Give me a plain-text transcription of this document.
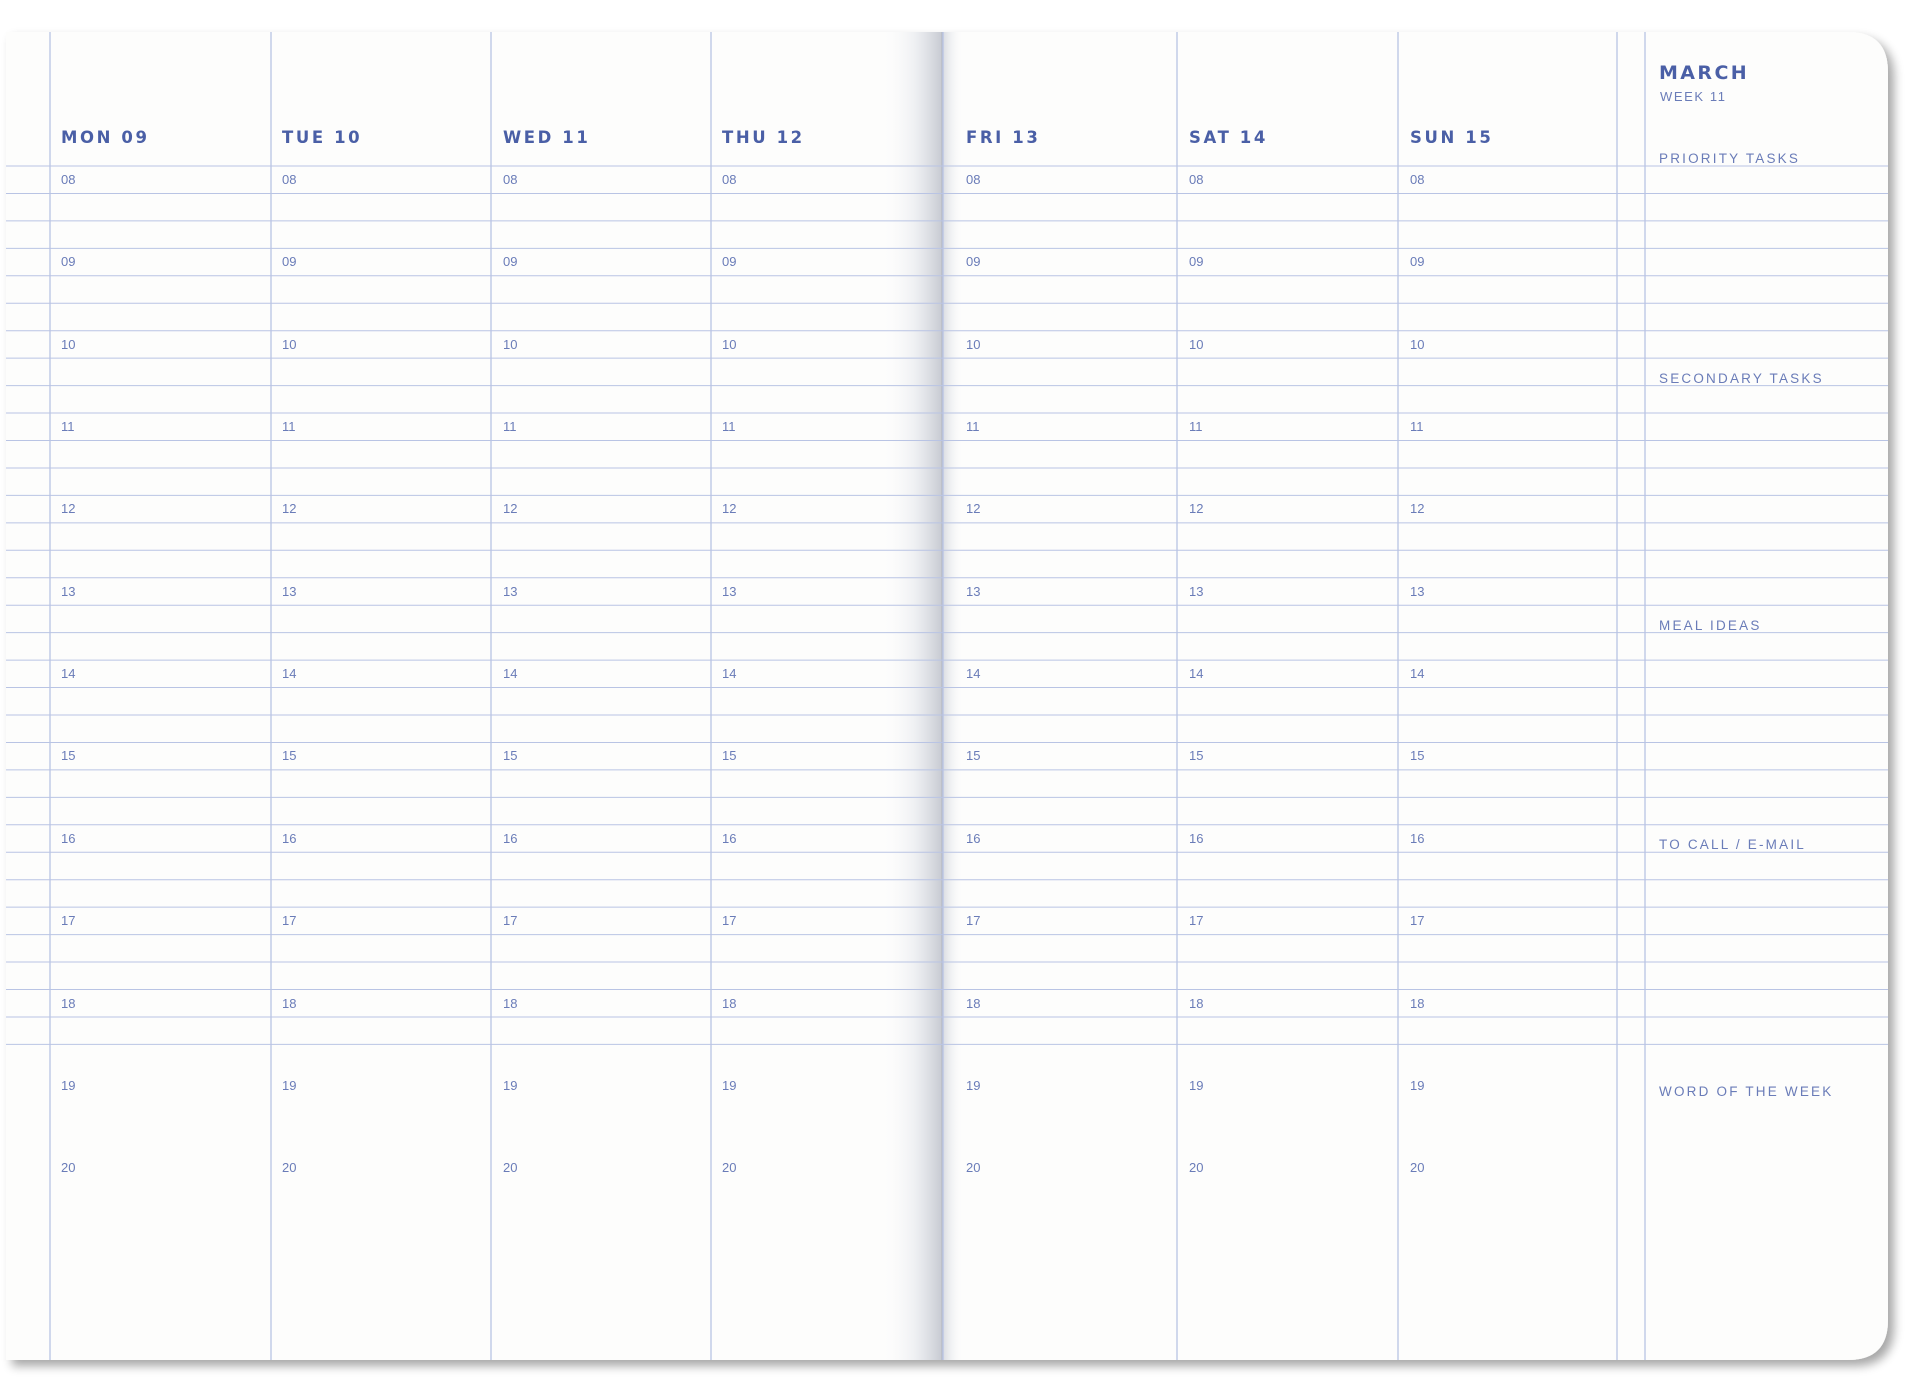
MARCH
WEEK 11
MON 09	TUE 10	WED 11	THU 12	FRI 13	SAT 14	SUN 15
08	08	08	08	08	08	08
09	09	09	09	09	09	09
10	10	10	10	10	10	10
11	11	11	11	11	11	11
12	12	12	12	12	12	12
13	13	13	13	13	13	13
14	14	14	14	14	14	14
15	15	15	15	15	15	15
16	16	16	16	16	16	16
17	17	17	17	17	17	17
18	18	18	18	18	18	18
19	19	19	19	19	19	19
20	20	20	20	20	20	20
PRIORITY TASKS
SECONDARY TASKS
MEAL IDEAS
TO CALL / E-MAIL
WORD OF THE WEEK
